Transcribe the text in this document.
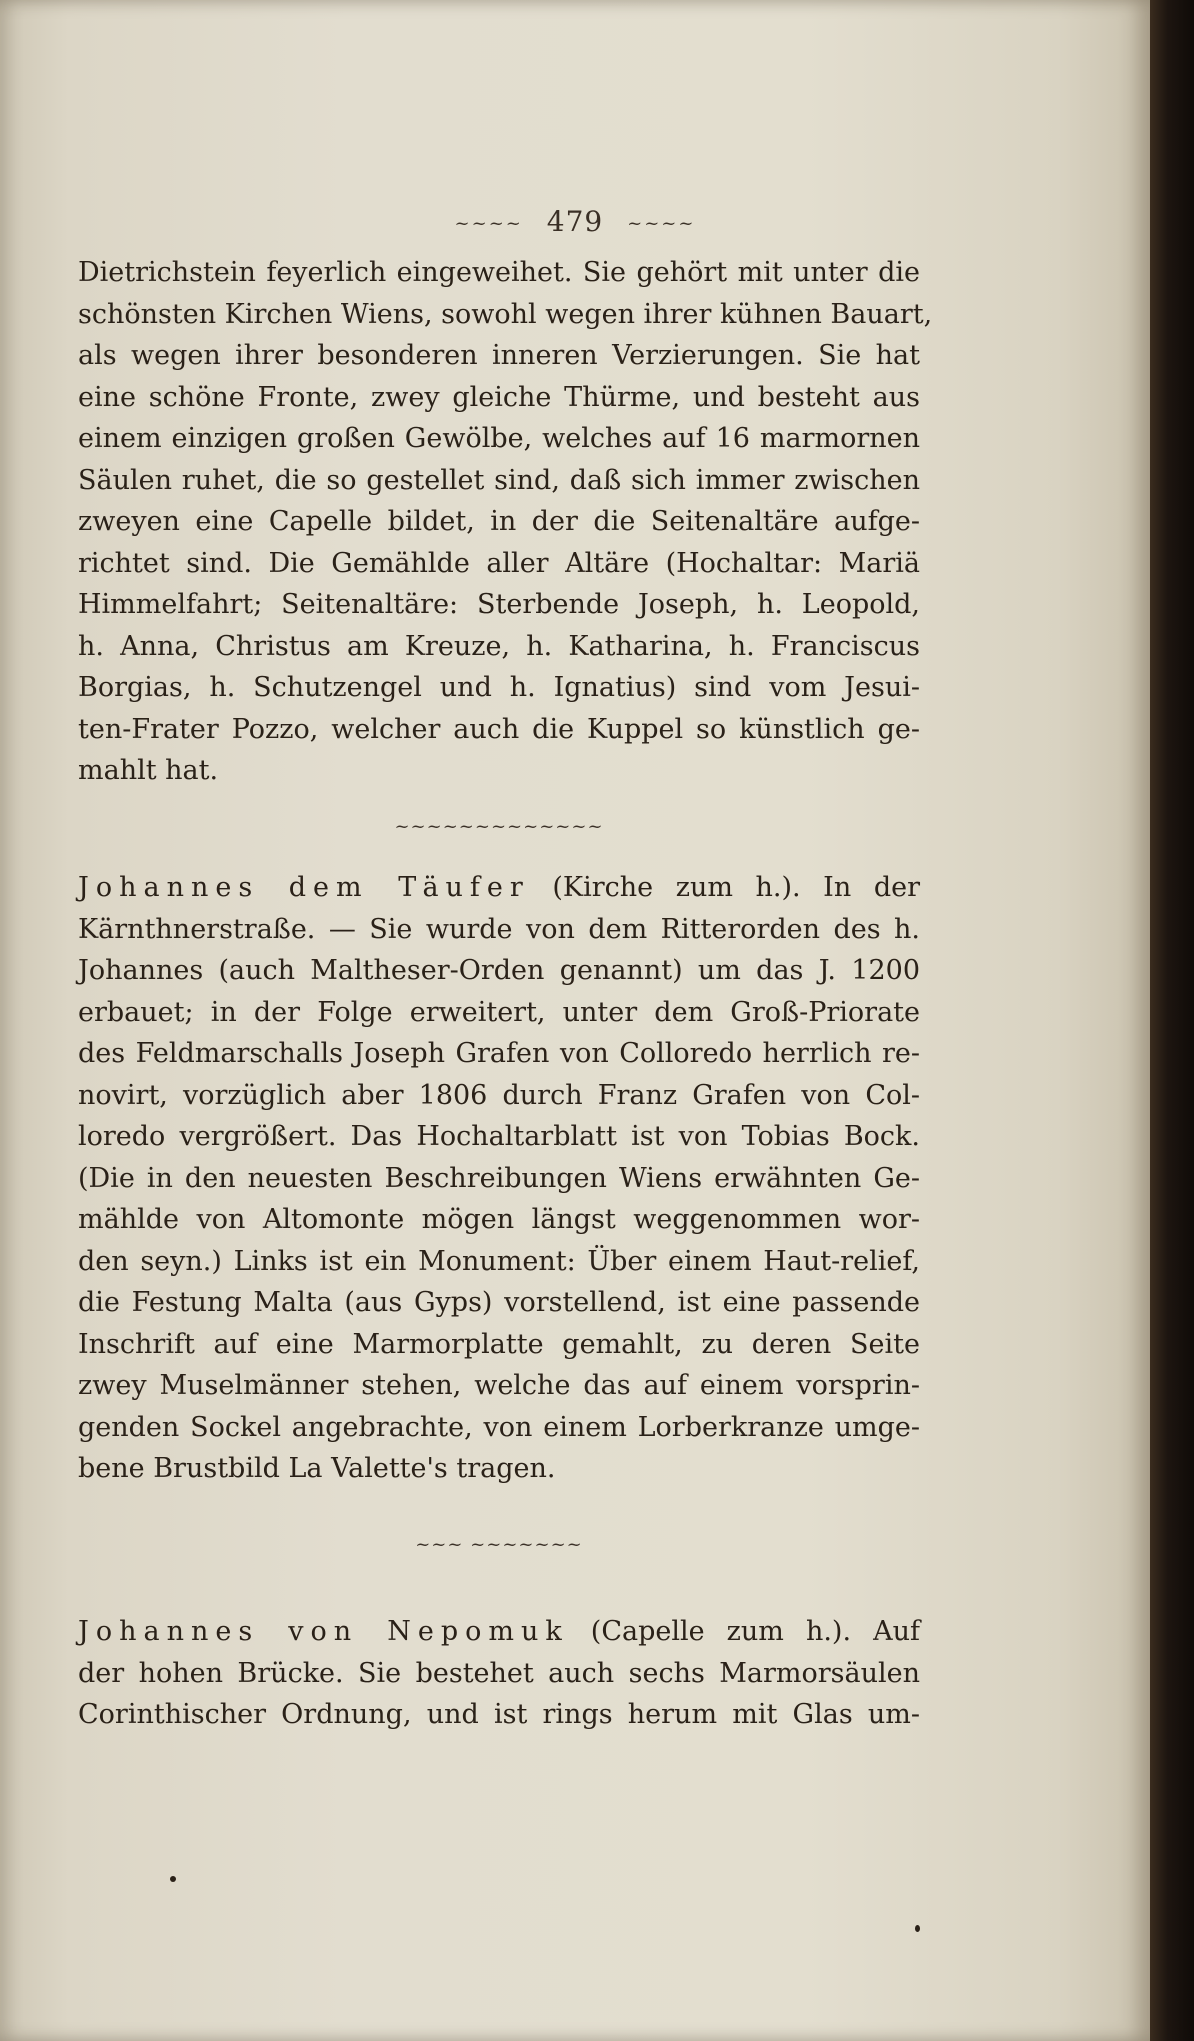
~~~~ 479 ~~~~
Dietrichstein feyerlich eingeweihet. Sie gehört mit unter die
schönsten Kirchen Wiens, sowohl wegen ihrer kühnen Bauart,
als wegen ihrer besonderen inneren Verzierungen. Sie hat
eine schöne Fronte, zwey gleiche Thürme, und besteht aus
einem einzigen großen Gewölbe, welches auf 16 marmornen
Säulen ruhet, die so gestellet sind, daß sich immer zwischen
zweyen eine Capelle bildet, in der die Seitenaltäre aufge-
richtet sind. Die Gemählde aller Altäre (Hochaltar: Mariä
Himmelfahrt; Seitenaltäre: Sterbende Joseph, h. Leopold,
h. Anna, Christus am Kreuze, h. Katharina, h. Franciscus
Borgias, h. Schutzengel und h. Ignatius) sind vom Jesui-
ten-Frater Pozzo, welcher auch die Kuppel so künstlich ge-
mahlt hat.
~~~~~~~~~~~~~
Johannes dem Täufer (Kirche zum h.). In der
Kärnthnerstraße. — Sie wurde von dem Ritterorden des h.
Johannes (auch Maltheser-Orden genannt) um das J. 1200
erbauet; in der Folge erweitert, unter dem Groß-Priorate
des Feldmarschalls Joseph Grafen von Colloredo herrlich re-
novirt, vorzüglich aber 1806 durch Franz Grafen von Col-
loredo vergrößert. Das Hochaltarblatt ist von Tobias Bock.
(Die in den neuesten Beschreibungen Wiens erwähnten Ge-
mählde von Altomonte mögen längst weggenommen wor-
den seyn.) Links ist ein Monument: Über einem Haut-relief,
die Festung Malta (aus Gyps) vorstellend, ist eine passende
Inschrift auf eine Marmorplatte gemahlt, zu deren Seite
zwey Muselmänner stehen, welche das auf einem vorsprin-
genden Sockel angebrachte, von einem Lorberkranze umge-
bene Brustbild La Valette's tragen.
~~~ ~~~~~~~
Johannes von Nepomuk (Capelle zum h.). Auf
der hohen Brücke. Sie bestehet auch sechs Marmorsäulen
Corinthischer Ordnung, und ist rings herum mit Glas um-
